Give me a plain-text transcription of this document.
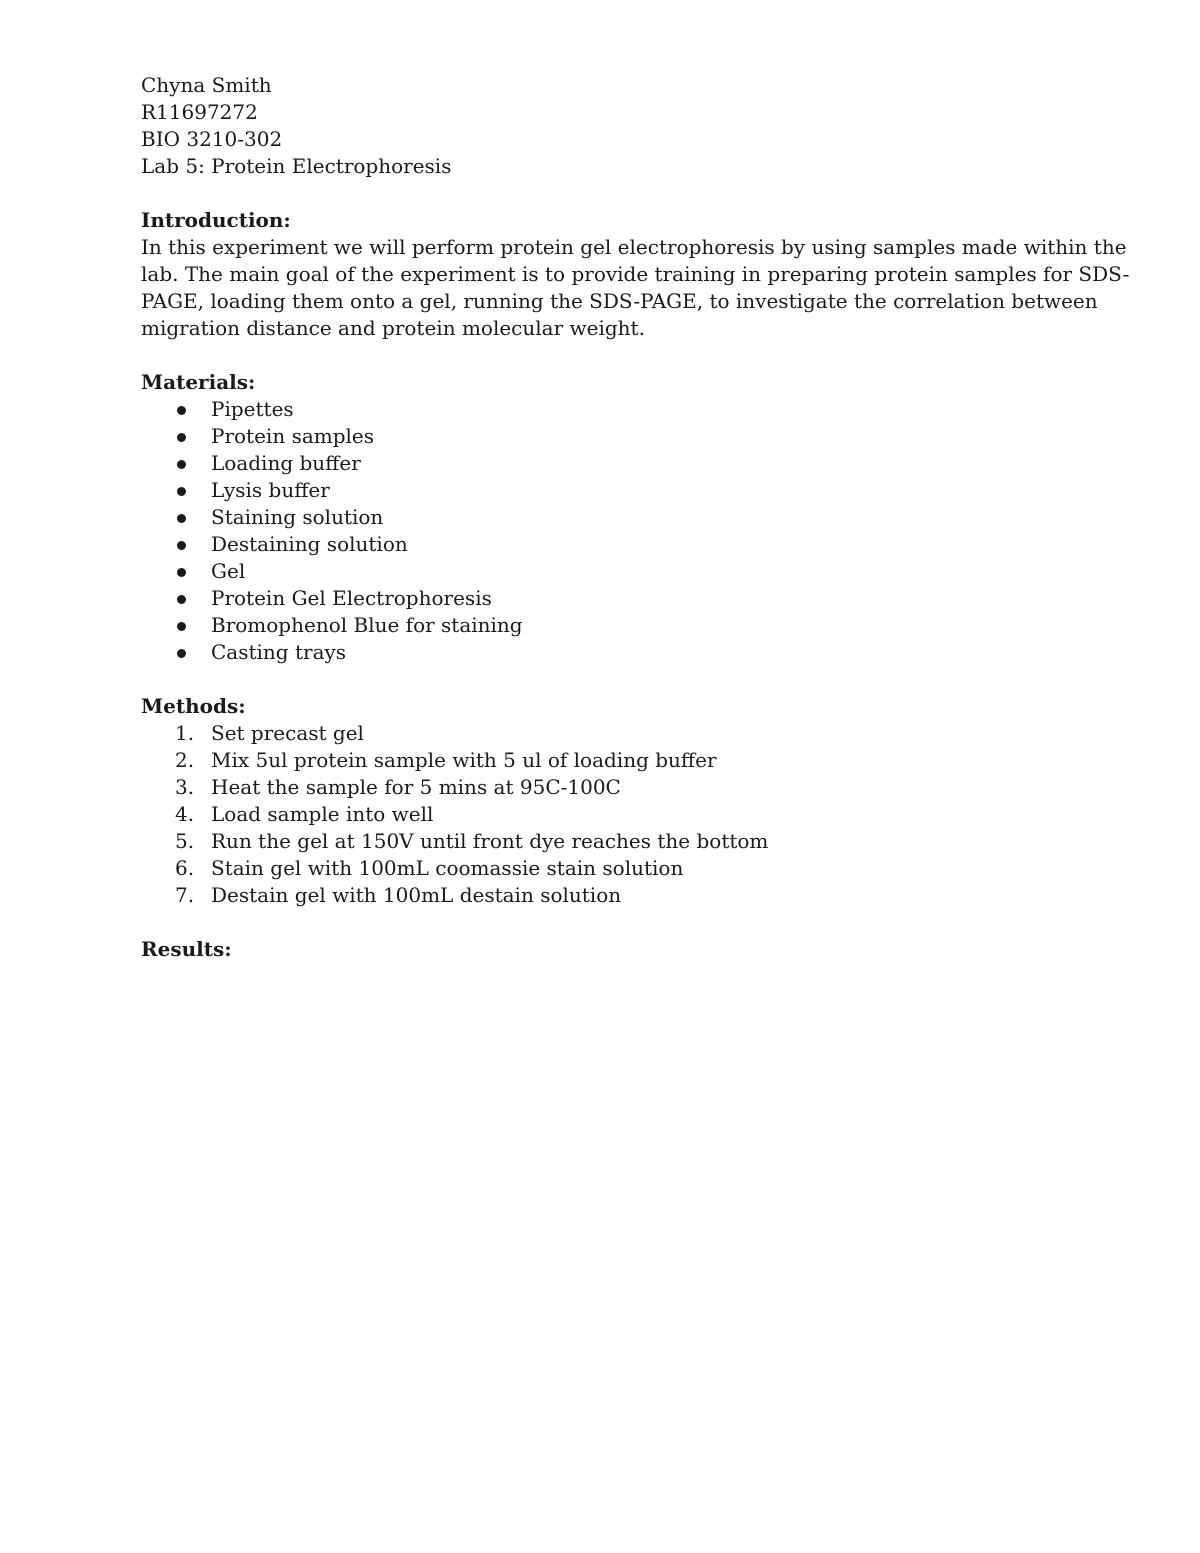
Chyna Smith
R11697272
BIO 3210-302
Lab 5: Protein Electrophoresis
Introduction:
In this experiment we will perform protein gel electrophoresis by using samples made within the
lab. The main goal of the experiment is to provide training in preparing protein samples for SDS-
PAGE, loading them onto a gel, running the SDS-PAGE, to investigate the correlation between
migration distance and protein molecular weight.
Materials:
Pipettes
Protein samples
Loading buffer
Lysis buffer
Staining solution
Destaining solution
Gel
Protein Gel Electrophoresis
Bromophenol Blue for staining
Casting trays
Methods:
1. Set precast gel
2. Mix 5ul protein sample with 5 ul of loading buffer
3. Heat the sample for 5 mins at 95C-100C
4. Load sample into well
5. Run the gel at 150V until front dye reaches the bottom
6. Stain gel with 100mL coomassie stain solution
7. Destain gel with 100mL destain solution
Results:
